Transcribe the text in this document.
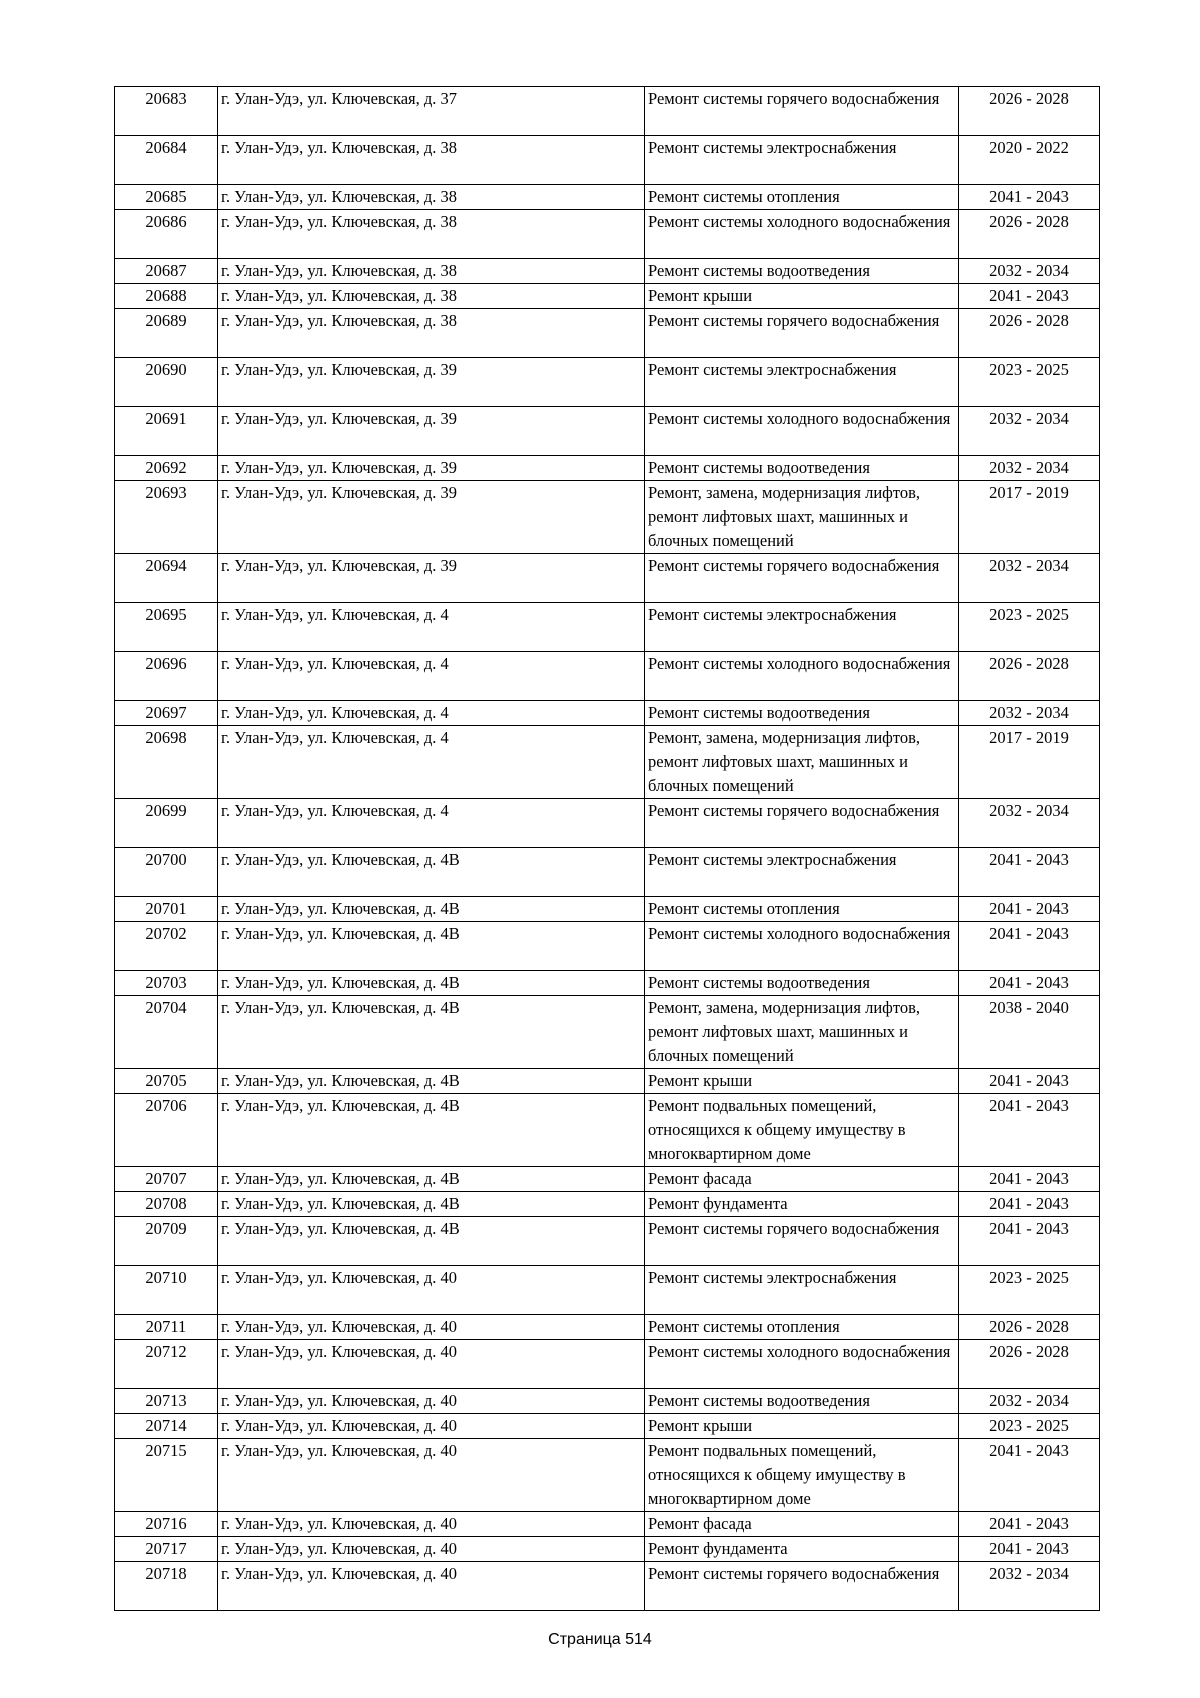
20683	г. Улан-Удэ, ул. Ключевская, д. 37	Ремонт системы горячего водоснабжения	2026 - 2028
20684	г. Улан-Удэ, ул. Ключевская, д. 38	Ремонт системы электроснабжения	2020 - 2022
20685	г. Улан-Удэ, ул. Ключевская, д. 38	Ремонт системы отопления	2041 - 2043
20686	г. Улан-Удэ, ул. Ключевская, д. 38	Ремонт системы холодного водоснабжения	2026 - 2028
20687	г. Улан-Удэ, ул. Ключевская, д. 38	Ремонт системы водоотведения	2032 - 2034
20688	г. Улан-Удэ, ул. Ключевская, д. 38	Ремонт крыши	2041 - 2043
20689	г. Улан-Удэ, ул. Ключевская, д. 38	Ремонт системы горячего водоснабжения	2026 - 2028
20690	г. Улан-Удэ, ул. Ключевская, д. 39	Ремонт системы электроснабжения	2023 - 2025
20691	г. Улан-Удэ, ул. Ключевская, д. 39	Ремонт системы холодного водоснабжения	2032 - 2034
20692	г. Улан-Удэ, ул. Ключевская, д. 39	Ремонт системы водоотведения	2032 - 2034
20693	г. Улан-Удэ, ул. Ключевская, д. 39	Ремонт, замена, модернизация лифтов, ремонт лифтовых шахт, машинных и блочных помещений	2017 - 2019
20694	г. Улан-Удэ, ул. Ключевская, д. 39	Ремонт системы горячего водоснабжения	2032 - 2034
20695	г. Улан-Удэ, ул. Ключевская, д. 4	Ремонт системы электроснабжения	2023 - 2025
20696	г. Улан-Удэ, ул. Ключевская, д. 4	Ремонт системы холодного водоснабжения	2026 - 2028
20697	г. Улан-Удэ, ул. Ключевская, д. 4	Ремонт системы водоотведения	2032 - 2034
20698	г. Улан-Удэ, ул. Ключевская, д. 4	Ремонт, замена, модернизация лифтов, ремонт лифтовых шахт, машинных и блочных помещений	2017 - 2019
20699	г. Улан-Удэ, ул. Ключевская, д. 4	Ремонт системы горячего водоснабжения	2032 - 2034
20700	г. Улан-Удэ, ул. Ключевская, д. 4В	Ремонт системы электроснабжения	2041 - 2043
20701	г. Улан-Удэ, ул. Ключевская, д. 4В	Ремонт системы отопления	2041 - 2043
20702	г. Улан-Удэ, ул. Ключевская, д. 4В	Ремонт системы холодного водоснабжения	2041 - 2043
20703	г. Улан-Удэ, ул. Ключевская, д. 4В	Ремонт системы водоотведения	2041 - 2043
20704	г. Улан-Удэ, ул. Ключевская, д. 4В	Ремонт, замена, модернизация лифтов, ремонт лифтовых шахт, машинных и блочных помещений	2038 - 2040
20705	г. Улан-Удэ, ул. Ключевская, д. 4В	Ремонт крыши	2041 - 2043
20706	г. Улан-Удэ, ул. Ключевская, д. 4В	Ремонт подвальных помещений, относящихся к общему имуществу в многоквартирном доме	2041 - 2043
20707	г. Улан-Удэ, ул. Ключевская, д. 4В	Ремонт фасада	2041 - 2043
20708	г. Улан-Удэ, ул. Ключевская, д. 4В	Ремонт фундамента	2041 - 2043
20709	г. Улан-Удэ, ул. Ключевская, д. 4В	Ремонт системы горячего водоснабжения	2041 - 2043
20710	г. Улан-Удэ, ул. Ключевская, д. 40	Ремонт системы электроснабжения	2023 - 2025
20711	г. Улан-Удэ, ул. Ключевская, д. 40	Ремонт системы отопления	2026 - 2028
20712	г. Улан-Удэ, ул. Ключевская, д. 40	Ремонт системы холодного водоснабжения	2026 - 2028
20713	г. Улан-Удэ, ул. Ключевская, д. 40	Ремонт системы водоотведения	2032 - 2034
20714	г. Улан-Удэ, ул. Ключевская, д. 40	Ремонт крыши	2023 - 2025
20715	г. Улан-Удэ, ул. Ключевская, д. 40	Ремонт подвальных помещений, относящихся к общему имуществу в многоквартирном доме	2041 - 2043
20716	г. Улан-Удэ, ул. Ключевская, д. 40	Ремонт фасада	2041 - 2043
20717	г. Улан-Удэ, ул. Ключевская, д. 40	Ремонт фундамента	2041 - 2043
20718	г. Улан-Удэ, ул. Ключевская, д. 40	Ремонт системы горячего водоснабжения	2032 - 2034
Страница 514
